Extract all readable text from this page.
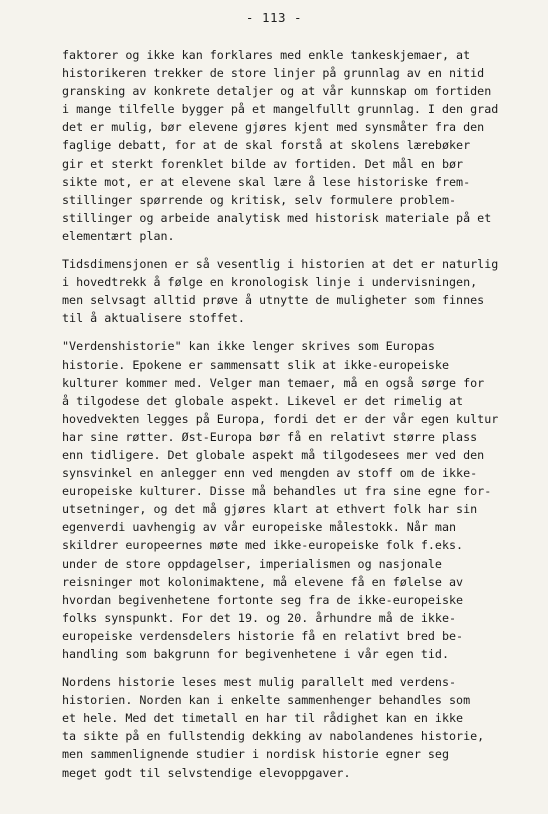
- 113 -
faktorer og ikke kan forklares med enkle tankeskjemaer, at
historikeren trekker de store linjer på grunnlag av en nitid
gransking av konkrete detaljer og at vår kunnskap om fortiden
i mange tilfelle bygger på et mangelfullt grunnlag. I den grad
det er mulig, bør elevene gjøres kjent med synsmåter fra den
faglige debatt, for at de skal forstå at skolens lærebøker
gir et sterkt forenklet bilde av fortiden. Det mål en bør
sikte mot, er at elevene skal lære å lese historiske frem-
stillinger spørrende og kritisk, selv formulere problem-
stillinger og arbeide analytisk med historisk materiale på et
elementært plan.
Tidsdimensjonen er så vesentlig i historien at det er naturlig
i hovedtrekk å følge en kronologisk linje i undervisningen,
men selvsagt alltid prøve å utnytte de muligheter som finnes
til å aktualisere stoffet.
"Verdenshistorie" kan ikke lenger skrives som Europas
historie. Epokene er sammensatt slik at ikke-europeiske
kulturer kommer med. Velger man temaer, må en også sørge for
å tilgodese det globale aspekt. Likevel er det rimelig at
hovedvekten legges på Europa, fordi det er der vår egen kultur
har sine røtter. Øst-Europa bør få en relativt større plass
enn tidligere. Det globale aspekt må tilgodesees mer ved den
synsvinkel en anlegger enn ved mengden av stoff om de ikke-
europeiske kulturer. Disse må behandles ut fra sine egne for-
utsetninger, og det må gjøres klart at ethvert folk har sin
egenverdi uavhengig av vår europeiske målestokk. Når man
skildrer europeernes møte med ikke-europeiske folk f.eks.
under de store oppdagelser, imperialismen og nasjonale
reisninger mot kolonimaktene, må elevene få en følelse av
hvordan begivenhetene fortonte seg fra de ikke-europeiske
folks synspunkt. For det 19. og 20. århundre må de ikke-
europeiske verdensdelers historie få en relativt bred be-
handling som bakgrunn for begivenhetene i vår egen tid.
Nordens historie leses mest mulig parallelt med verdens-
historien. Norden kan i enkelte sammenhenger behandles som
et hele. Med det timetall en har til rådighet kan en ikke
ta sikte på en fullstendig dekking av nabolandenes historie,
men sammenlignende studier i nordisk historie egner seg
meget godt til selvstendige elevoppgaver.
